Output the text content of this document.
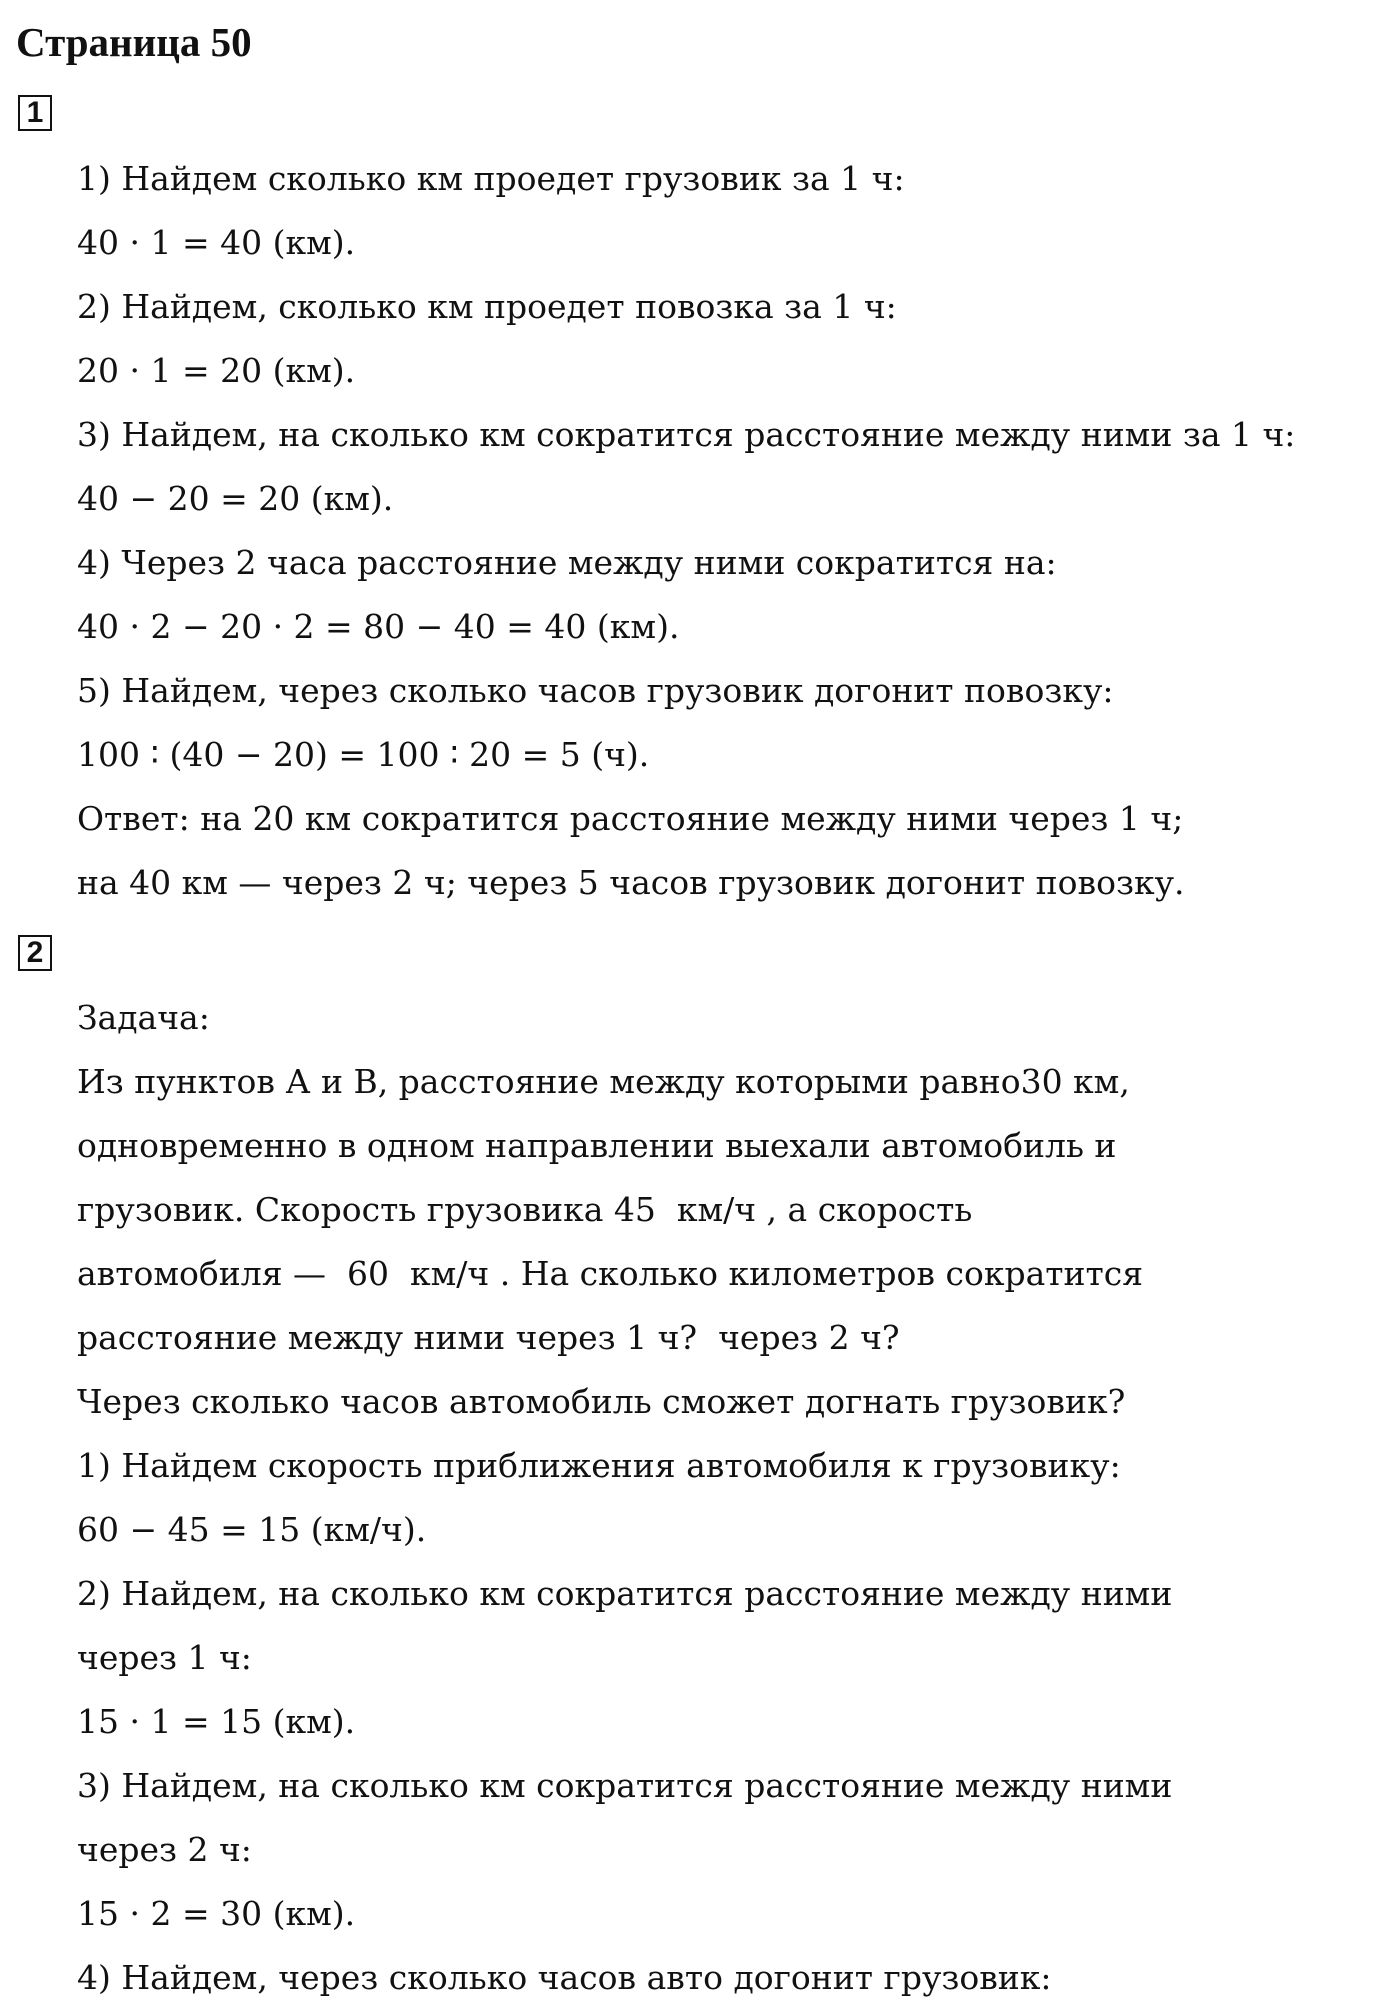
Страница 50
1
1) Найдем сколько км проедет грузовик за 1 ч:
40 · 1 = 40 (км).
2) Найдем, сколько км проедет повозка за 1 ч:
20 · 1 = 20 (км).
3) Найдем, на сколько км сократится расстояние между ними за 1 ч:
40 − 20 = 20 (км).
4) Через 2 часа расстояние между ними сократится на:
40 · 2 − 20 · 2 = 80 − 40 = 40 (км).
5) Найдем, через сколько часов грузовик догонит повозку:
100 ∶ (40 − 20) = 100 ∶ 20 = 5 (ч).
Ответ: на 20 км сократится расстояние между ними через 1 ч;
на 40 км — через 2 ч; через 5 часов грузовик догонит повозку.
2
Задача:
Из пунктов А и В, расстояние между которыми равно30 км,
одновременно в одном направлении выехали автомобиль и
грузовик. Скорость грузовика 45  км/ч , а скорость
автомобиля —  60  км/ч . На сколько километров сократится
расстояние между ними через 1 ч?  через 2 ч?
Через сколько часов автомобиль сможет догнать грузовик?
1) Найдем скорость приближения автомобиля к грузовику:
60 − 45 = 15 (км/ч).
2) Найдем, на сколько км сократится расстояние между ними
через 1 ч:
15 · 1 = 15 (км).
3) Найдем, на сколько км сократится расстояние между ними
через 2 ч:
15 · 2 = 30 (км).
4) Найдем, через сколько часов авто догонит грузовик:
